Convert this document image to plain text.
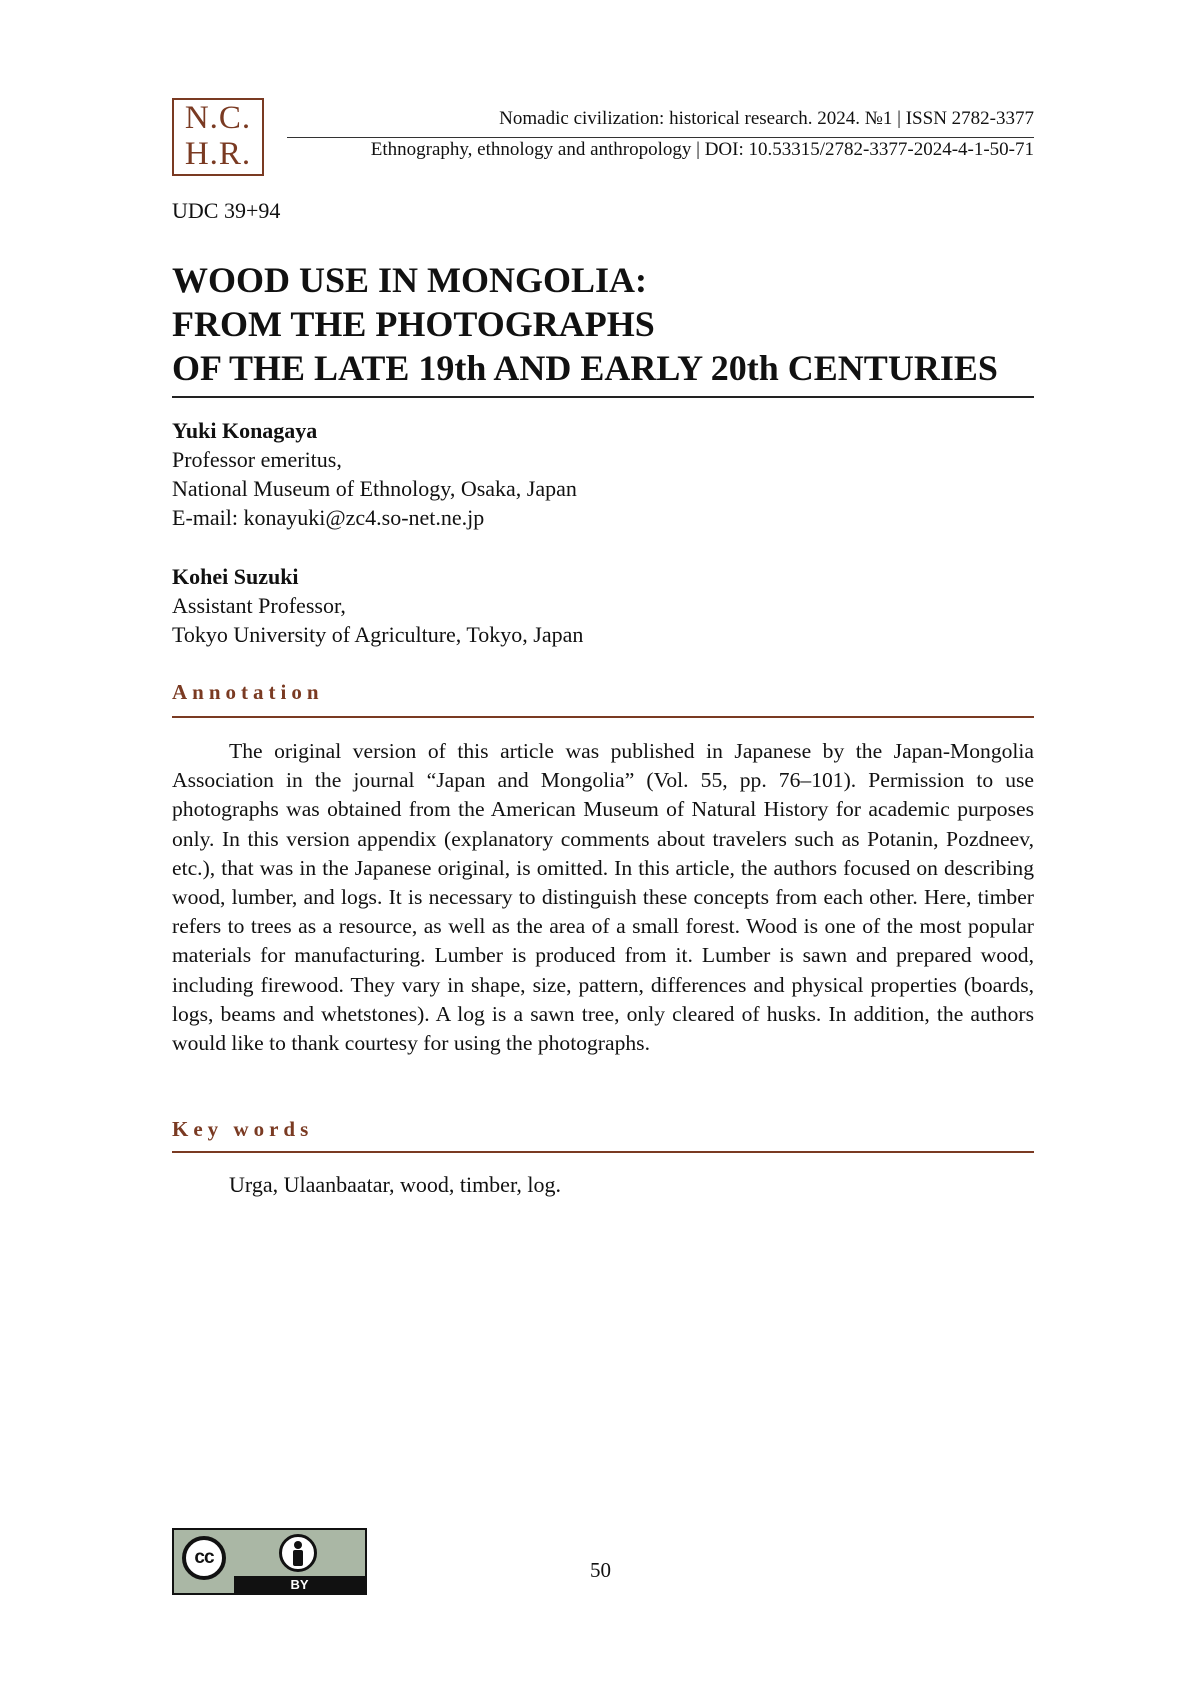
N.C.
H.R.
Nomadic civilization: historical research. 2024. №1 | ISSN 2782-3377
Ethnography, ethnology and anthropology | DOI: 10.53315/2782-3377-2024-4-1-50-71
UDC 39+94
WOOD USE IN MONGOLIA:
FROM THE PHOTOGRAPHS
OF THE LATE 19th AND EARLY 20th CENTURIES
Yuki Konagaya
Professor emeritus,
National Museum of Ethnology, Osaka, Japan
E-mail: konayuki@zc4.so-net.ne.jp
Kohei Suzuki
Assistant Professor,
Tokyo University of Agriculture, Tokyo, Japan
Annotation

The original version of this article was published in Japanese by the Japan-Mongolia Association in the journal “Japan and Mongolia” (Vol. 55, pp. 76–101). Permission to use photographs was obtained from the American Museum of Natural History for academic purposes only. In this version appendix (explanatory comments about travelers such as Potanin, Pozdneev, etc.), that was in the Japanese original, is omitted. In this article, the authors focused on describing wood, lumber, and logs. It is necessary to distinguish these concepts from each other. Here, timber refers to trees as a resource, as well as the area of a small forest. Wood is one of the most popular materials for manufacturing. Lumber is produced from it. Lumber is sawn and prepared wood, including firewood. They vary in shape, size, pattern, differences and physical properties (boards, logs, beams and whetstones). A log is a sawn tree, only cleared of husks. In addition, the authors would like to thank courtesy for using the photographs.

Key words

Urga, Ulaanbaatar, wood, timber, log.

cc
BY
50
